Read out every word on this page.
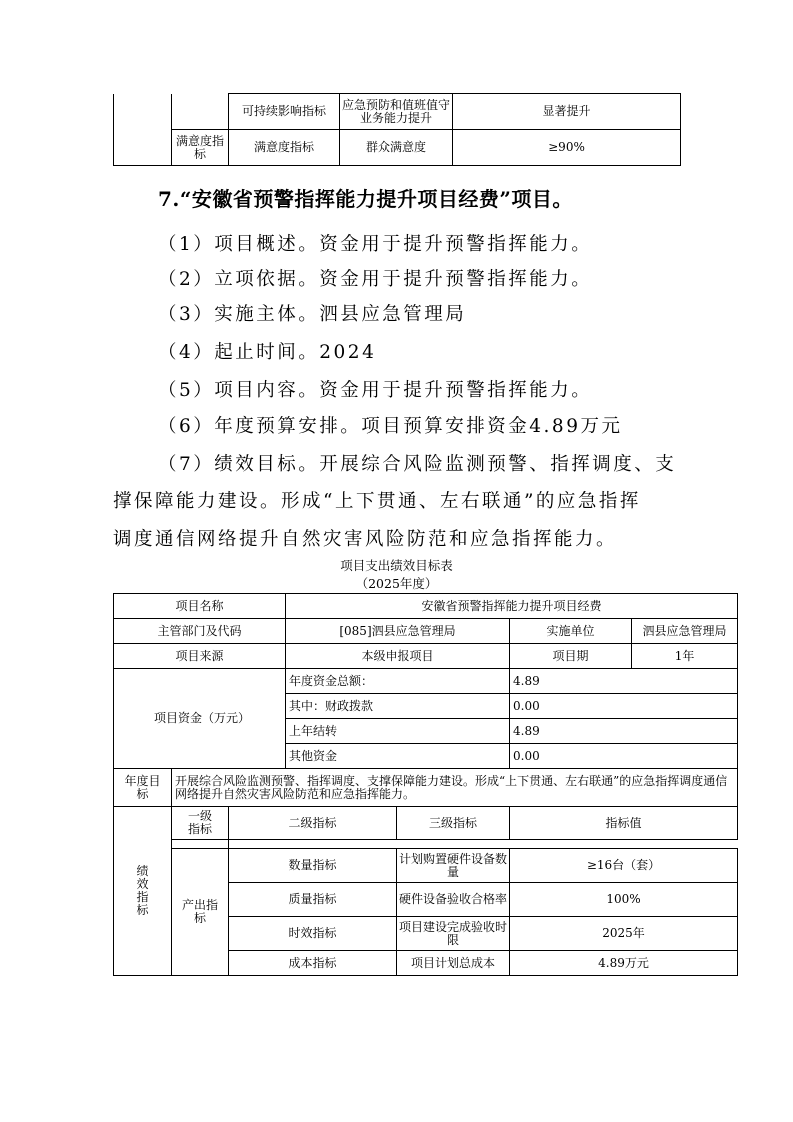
		可持续影响指标	应急预防和值班值守业务能力提升	显著提升
	满意度指标	满意度指标	群众满意度	≥90%
7.“安徽省预警指挥能力提升项目经费”项目。
（1）项目概述。资金用于提升预警指挥能力。
（2）立项依据。资金用于提升预警指挥能力。
（3）实施主体。泗县应急管理局
（4）起止时间。2024
（5）项目内容。资金用于提升预警指挥能力。
（6）年度预算安排。项目预算安排资金4.89万元
（7）绩效目标。开展综合风险监测预警、指挥调度、支
撑保障能力建设。形成“上下贯通、左右联通”的应急指挥
调度通信网络提升自然灾害风险防范和应急指挥能力。
项目支出绩效目标表
（2025年度）
项目名称			安徽省预警指挥能力提升项目经费			
主管部门及代码			[085]泗县应急管理局		实施单位	泗县应急管理局
项目来源			本级申报项目		项目期	1年
项目资金（万元）			年度资金总额：		4.89	
			其中：财政拨款		0.00	
			上年结转		4.89	
			其他资金		0.00	
年度目标	开展综合风险监测预警、指挥调度、支撑保障能力建设。形成“上下贯通、左右联通”的应急指挥调度通信网络提升自然灾害风险防范和应急指挥能力。					
绩效指标	一级指标	二级指标		三级指标	指标值	

	产出指标	数量指标		计划购置硬件设备数量	≥16台（套）	
		质量指标		硬件设备验收合格率	100%	
		时效指标		项目建设完成验收时限	2025年	
		成本指标		项目计划总成本	4.89万元	
